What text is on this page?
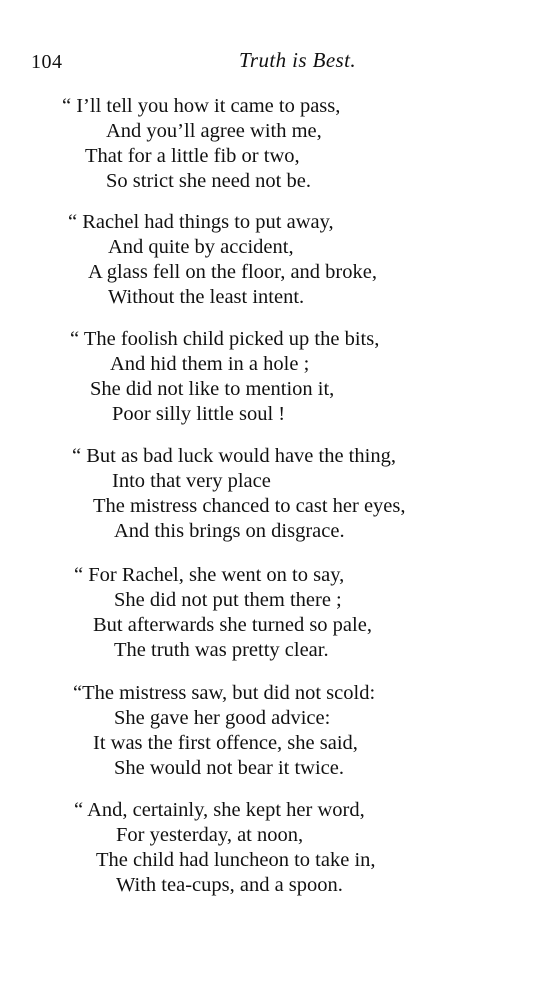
104	Truth is Best.
“ I’ll tell you how it came to pass,
And you’ll agree with me,
That for a little fib or two,
So strict she need not be.
“ Rachel had things to put away,
And quite by accident,
A glass fell on the floor, and broke,
Without the least intent.
“ The foolish child picked up the bits,
And hid them in a hole ;
She did not like to mention it,
Poor silly little soul !
“ But as bad luck would have the thing,
Into that very place
The mistress chanced to cast her eyes,
And this brings on disgrace.
“ For Rachel, she went on to say,
She did not put them there ;
But afterwards she turned so pale,
The truth was pretty clear.
“The mistress saw, but did not scold:
She gave her good advice:
It was the first offence, she said,
She would not bear it twice.
“ And, certainly, she kept her word,
For yesterday, at noon,
The child had luncheon to take in,
With tea-cups, and a spoon.
